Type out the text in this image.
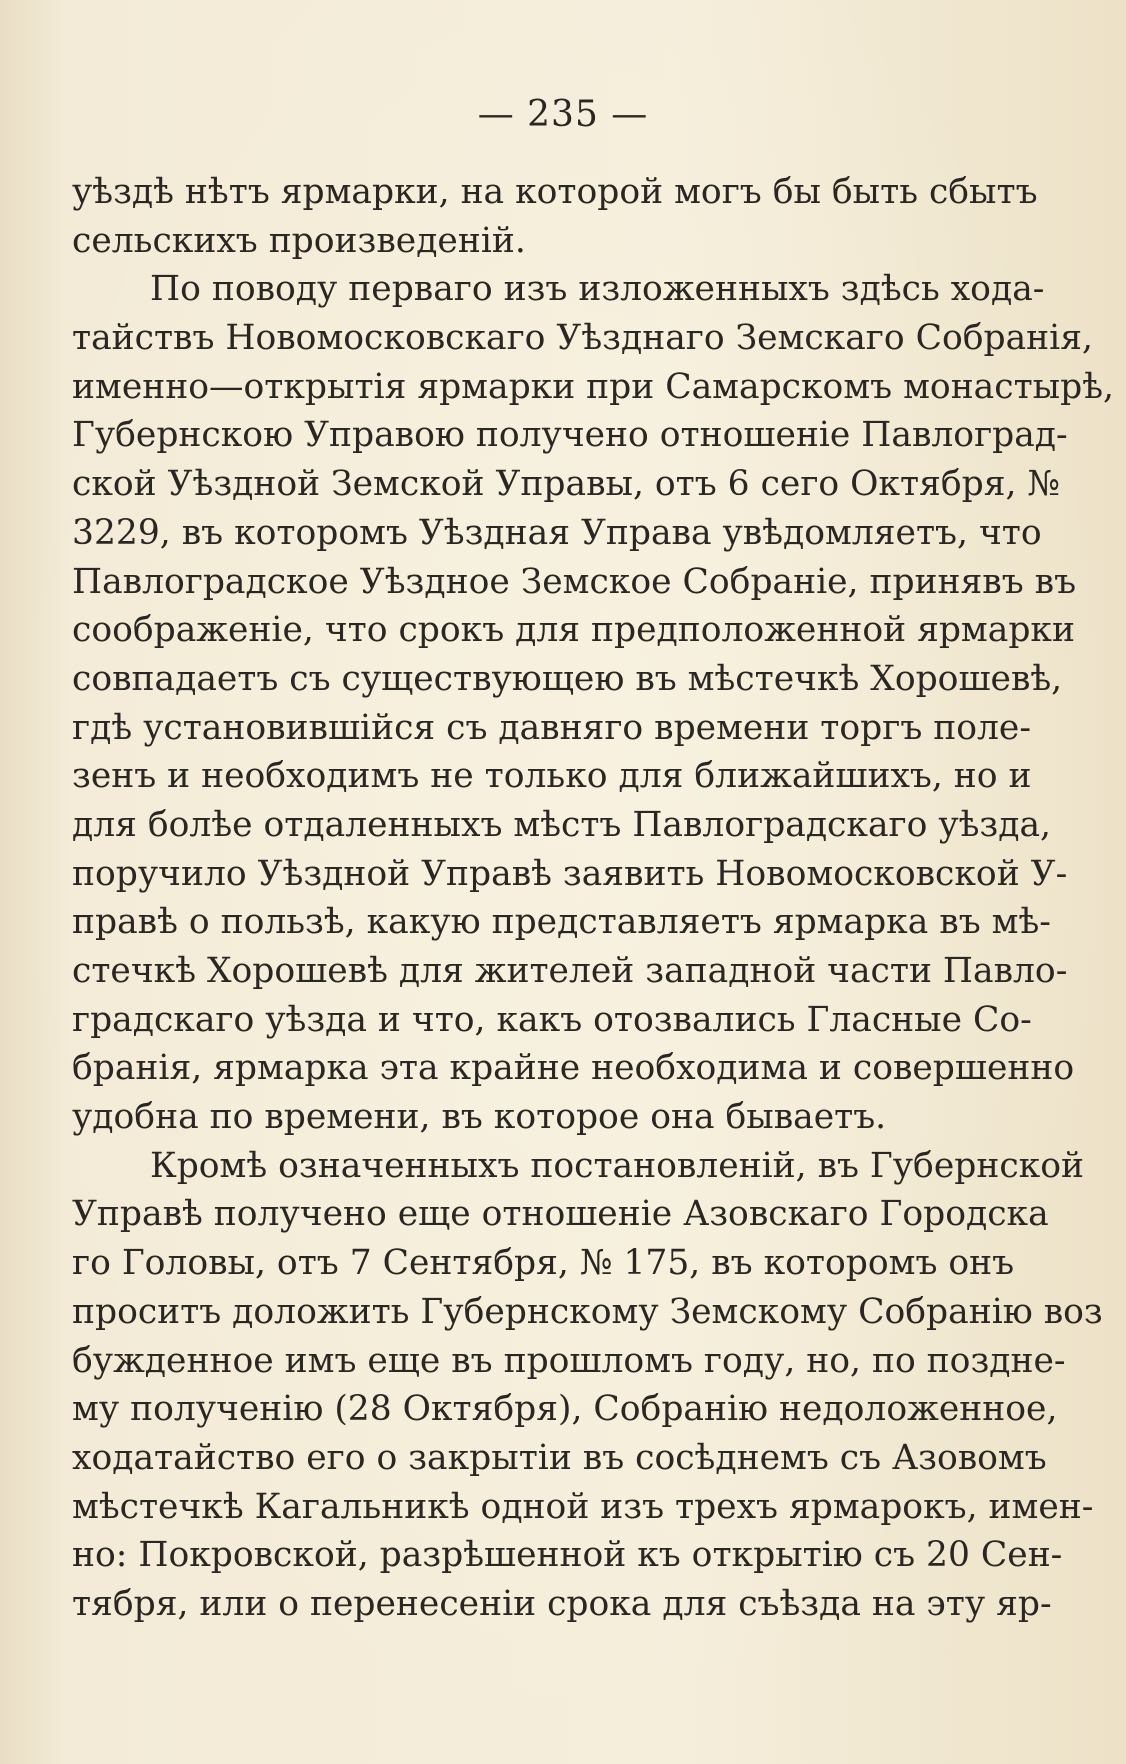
— 235 —
уѣздѣ нѣтъ ярмарки, на которой могъ бы быть сбытъ
сельскихъ произведеній.
По поводу перваго изъ изложенныхъ здѣсь хода-
тайствъ Новомосковскаго Уѣзднаго Земскаго Собранія,
именно—открытія ярмарки при Самарскомъ монастырѣ,
Губернскою Управою получено отношеніе Павлоград-
ской Уѣздной Земской Управы, отъ 6 сего Октября, №
3229, въ которомъ Уѣздная Управа увѣдомляетъ, что
Павлоградское Уѣздное Земское Собраніе, принявъ въ
соображеніе, что срокъ для предположенной ярмарки
совпадаетъ съ существующею въ мѣстечкѣ Хорошевѣ,
гдѣ установившійся съ давняго времени торгъ поле-
зенъ и необходимъ не только для ближайшихъ, но и
для болѣе отдаленныхъ мѣстъ Павлоградскаго уѣзда,
поручило Уѣздной Управѣ заявить Новомосковской У-
правѣ о пользѣ, какую представляетъ ярмарка въ мѣ-
стечкѣ Хорошевѣ для жителей западной части Павло-
градскаго уѣзда и что, какъ отозвались Гласные Со-
бранія, ярмарка эта крайне необходима и совершенно
удобна по времени, въ которое она бываетъ.
Кромѣ означенныхъ постановленій, въ Губернской
Управѣ получено еще отношеніе Азовскаго Городска
го Головы, отъ 7 Сентября, № 175, въ которомъ онъ
проситъ доложить Губернскому Земскому Собранію воз
бужденное имъ еще въ прошломъ году, но, по поздне-
му полученію (28 Октября), Собранію недоложенное,
ходатайство его о закрытіи въ сосѣднемъ съ Азовомъ
мѣстечкѣ Кагальникѣ одной изъ трехъ ярмарокъ, имен-
но: Покровской, разрѣшенной къ открытію съ 20 Сен-
тября, или о перенесеніи срока для съѣзда на эту яр-
